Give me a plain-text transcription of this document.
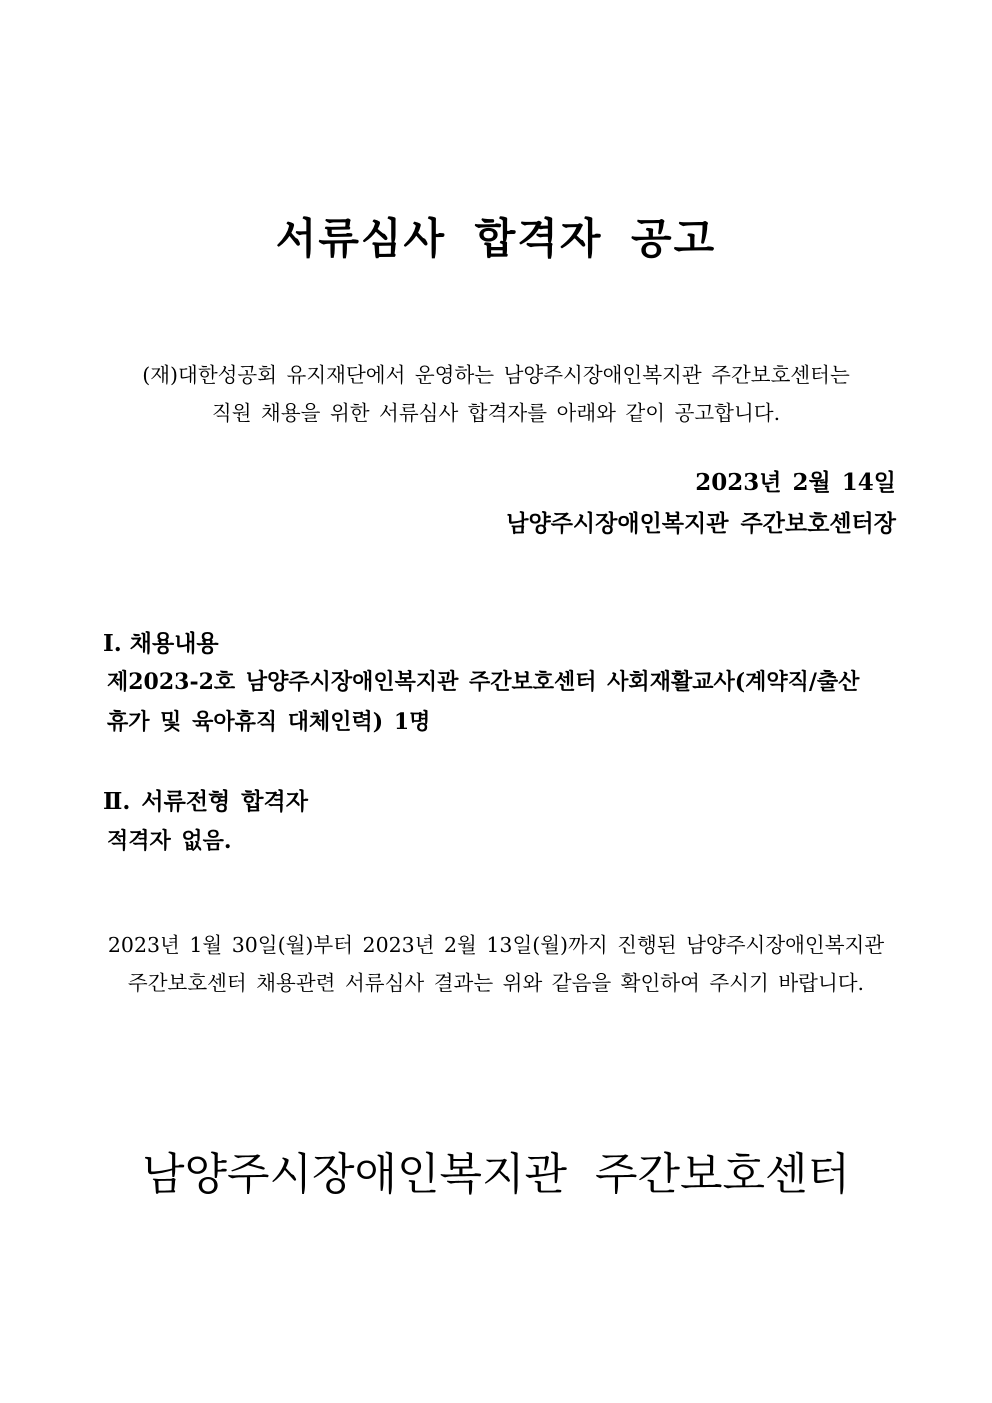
서류심사 합격자 공고

(재)대한성공회 유지재단에서 운영하는 남양주시장애인복지관 주간보호센터는

직원 채용을 위한 서류심사 합격자를 아래와 같이 공고합니다.

2023년 2월 14일

남양주시장애인복지관 주간보호센터장

Ⅰ. 채용내용

제2023-2호 남양주시장애인복지관 주간보호센터 사회재활교사(계약직/출산

휴가 및 육아휴직 대체인력) 1명

Ⅱ. 서류전형 합격자

적격자 없음.

2023년 1월 30일(월)부터 2023년 2월 13일(월)까지 진행된 남양주시장애인복지관

주간보호센터 채용관련 서류심사 결과는 위와 같음을 확인하여 주시기 바랍니다.

남양주시장애인복지관 주간보호센터
